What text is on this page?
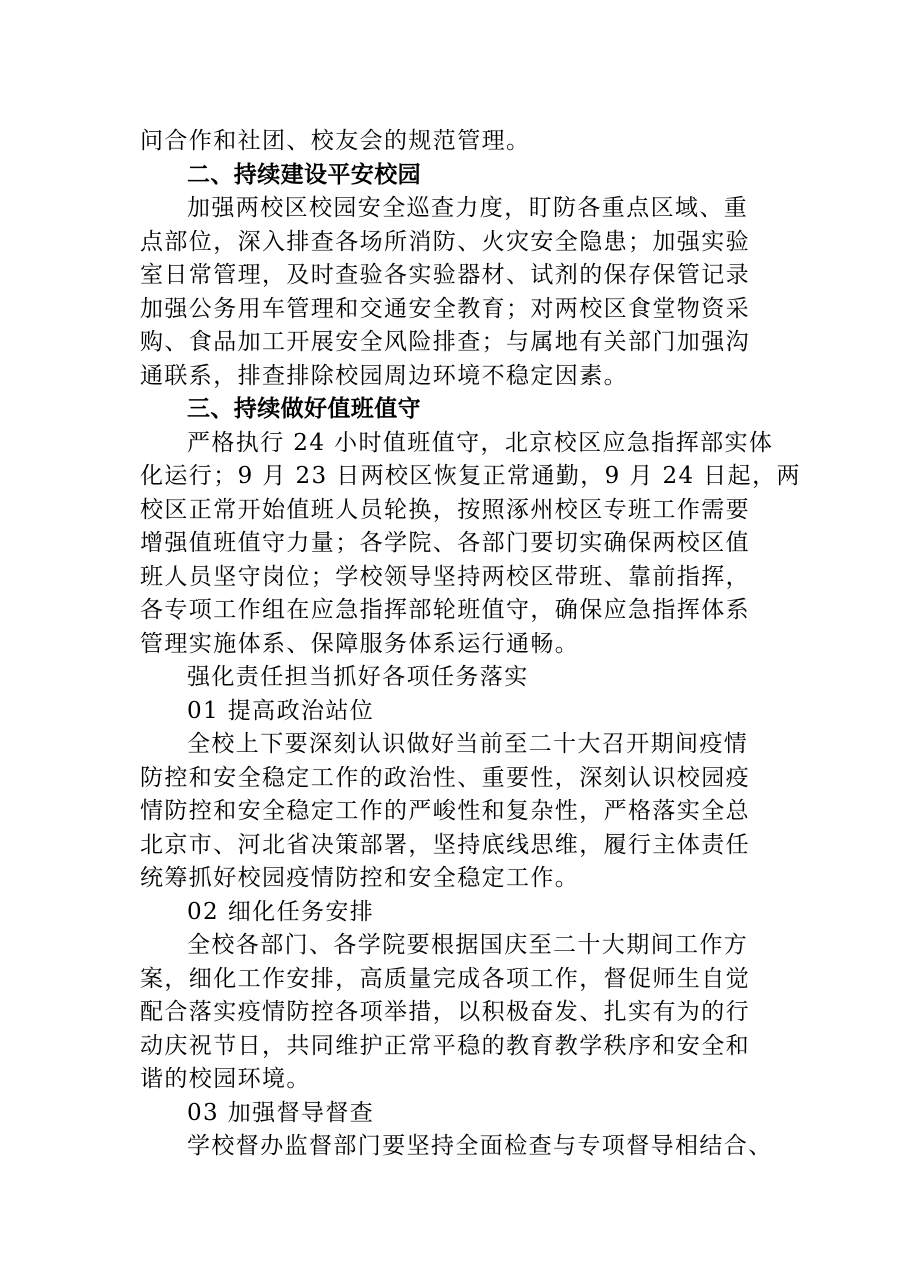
问合作和社团、校友会的规范管理。
二、持续建设平安校园
加强两校区校园安全巡查力度，盯防各重点区域、重
点部位，深入排查各场所消防、火灾安全隐患；加强实验
室日常管理，及时查验各实验器材、试剂的保存保管记录
加强公务用车管理和交通安全教育；对两校区食堂物资采
购、食品加工开展安全风险排查；与属地有关部门加强沟
通联系，排查排除校园周边环境不稳定因素。
三、持续做好值班值守
严格执行 24 小时值班值守，北京校区应急指挥部实体
化运行；9 月 23 日两校区恢复正常通勤，9 月 24 日起，两
校区正常开始值班人员轮换，按照涿州校区专班工作需要
增强值班值守力量；各学院、各部门要切实确保两校区值
班人员坚守岗位；学校领导坚持两校区带班、靠前指挥，
各专项工作组在应急指挥部轮班值守，确保应急指挥体系
管理实施体系、保障服务体系运行通畅。
强化责任担当抓好各项任务落实
01 提高政治站位
全校上下要深刻认识做好当前至二十大召开期间疫情
防控和安全稳定工作的政治性、重要性，深刻认识校园疫
情防控和安全稳定工作的严峻性和复杂性，严格落实全总
北京市、河北省决策部署，坚持底线思维，履行主体责任
统筹抓好校园疫情防控和安全稳定工作。
02 细化任务安排
全校各部门、各学院要根据国庆至二十大期间工作方
案，细化工作安排，高质量完成各项工作，督促师生自觉
配合落实疫情防控各项举措，以积极奋发、扎实有为的行
动庆祝节日，共同维护正常平稳的教育教学秩序和安全和
谐的校园环境。
03 加强督导督查
学校督办监督部门要坚持全面检查与专项督导相结合、
